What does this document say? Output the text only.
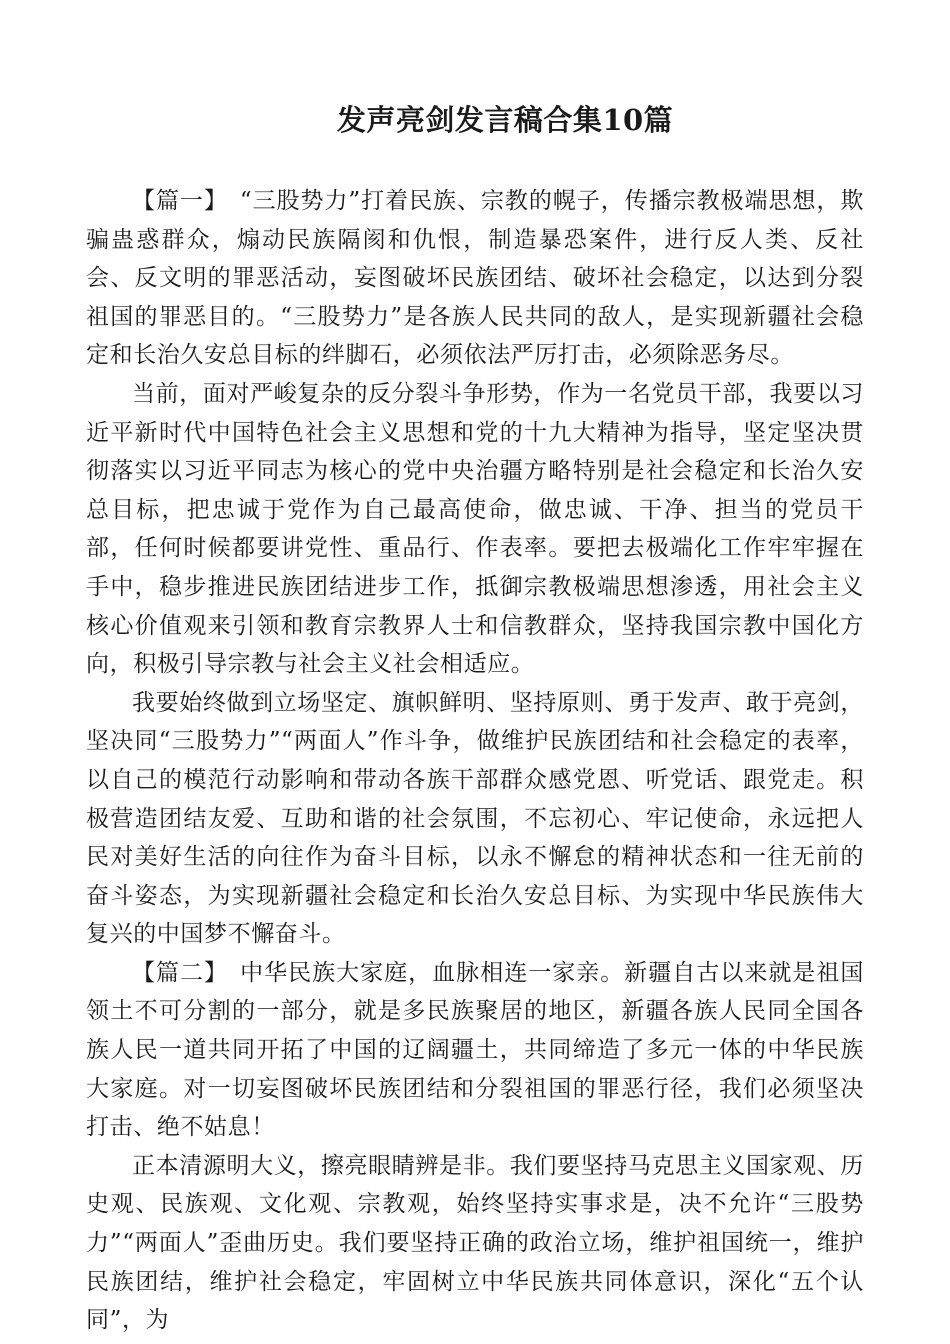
发声亮剑发言稿合集10篇

【篇一】 “三股势力”打着民族、宗教的幌子，传播宗教极端思想，欺骗蛊惑群众，煽动民族隔阂和仇恨，制造暴恐案件，进行反人类、反社会、反文明的罪恶活动，妄图破坏民族团结、破坏社会稳定，以达到分裂祖国的罪恶目的。“三股势力”是各族人民共同的敌人，是实现新疆社会稳定和长治久安总目标的绊脚石，必须依法严厉打击，必须除恶务尽。

当前，面对严峻复杂的反分裂斗争形势，作为一名党员干部，我要以习近平新时代中国特色社会主义思想和党的十九大精神为指导，坚定坚决贯彻落实以习近平同志为核心的党中央治疆方略特别是社会稳定和长治久安总目标，把忠诚于党作为自己最高使命，做忠诚、干净、担当的党员干部，任何时候都要讲党性、重品行、作表率。要把去极端化工作牢牢握在手中，稳步推进民族团结进步工作，抵御宗教极端思想渗透，用社会主义核心价值观来引领和教育宗教界人士和信教群众，坚持我国宗教中国化方向，积极引导宗教与社会主义社会相适应。

我要始终做到立场坚定、旗帜鲜明、坚持原则、勇于发声、敢于亮剑，坚决同“三股势力”“两面人”作斗争，做维护民族团结和社会稳定的表率，以自己的模范行动影响和带动各族干部群众感党恩、听党话、跟党走。积极营造团结友爱、互助和谐的社会氛围，不忘初心、牢记使命，永远把人民对美好生活的向往作为奋斗目标，以永不懈怠的精神状态和一往无前的奋斗姿态，为实现新疆社会稳定和长治久安总目标、为实现中华民族伟大复兴的中国梦不懈奋斗。

【篇二】 中华民族大家庭，血脉相连一家亲。新疆自古以来就是祖国领土不可分割的一部分，就是多民族聚居的地区，新疆各族人民同全国各族人民一道共同开拓了中国的辽阔疆土，共同缔造了多元一体的中华民族大家庭。对一切妄图破坏民族团结和分裂祖国的罪恶行径，我们必须坚决打击、绝不姑息！

正本清源明大义，擦亮眼睛辨是非。我们要坚持马克思主义国家观、历史观、民族观、文化观、宗教观，始终坚持实事求是，决不允许“三股势力”“两面人”歪曲历史。我们要坚持正确的政治立场，维护祖国统一，维护民族团结，维护社会稳定，牢固树立中华民族共同体意识，深化“五个认同”，为
